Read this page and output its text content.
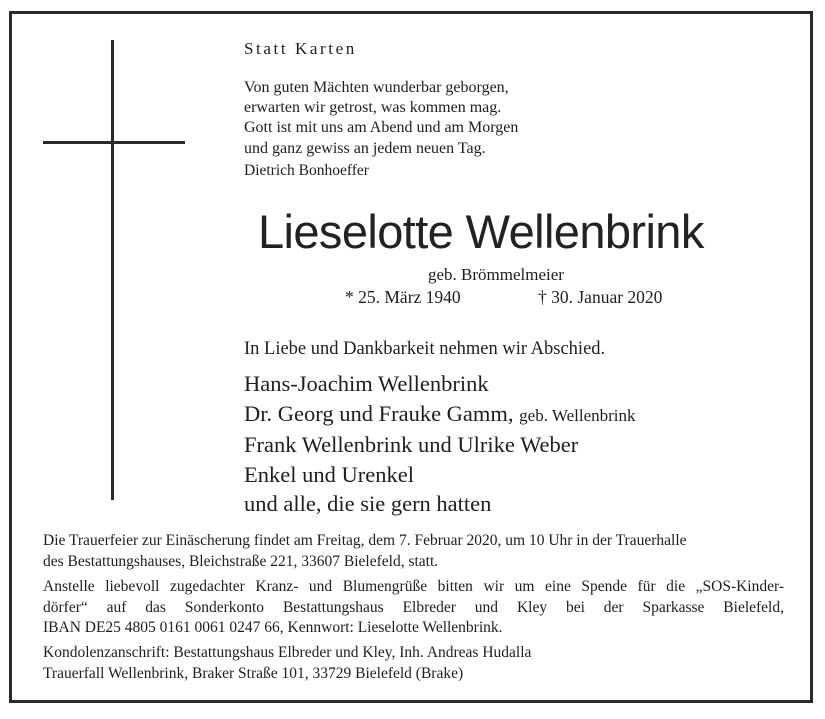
Statt Karten
Von guten Mächten wunderbar geborgen,
erwarten wir getrost, was kommen mag.
Gott ist mit uns am Abend und am Morgen
und ganz gewiss an jedem neuen Tag.
Dietrich Bonhoeffer
Lieselotte Wellenbrink
geb. Brömmelmeier
* 25. März 1940	† 30. Januar 2020
In Liebe und Dankbarkeit nehmen wir Abschied.
Hans-Joachim Wellenbrink
Dr. Georg und Frauke Gamm, geb. Wellenbrink
Frank Wellenbrink und Ulrike Weber
Enkel und Urenkel
und alle, die sie gern hatten
Die Trauerfeier zur Einäscherung findet am Freitag, dem 7. Februar 2020, um 10 Uhr in der Trauerhalle
des Bestattungshauses, Bleichstraße 221, 33607 Bielefeld, statt.
Anstelle liebevoll zugedachter Kranz- und Blumengrüße bitten wir um eine Spende für die „SOS-Kinder-
dörfer“ auf das Sonderkonto Bestattungshaus Elbreder und Kley bei der Sparkasse Bielefeld,
IBAN DE25 4805 0161 0061 0247 66, Kennwort: Lieselotte Wellenbrink.
Kondolenzanschrift: Bestattungshaus Elbreder und Kley, Inh. Andreas Hudalla
Trauerfall Wellenbrink, Braker Straße 101, 33729 Bielefeld (Brake)
